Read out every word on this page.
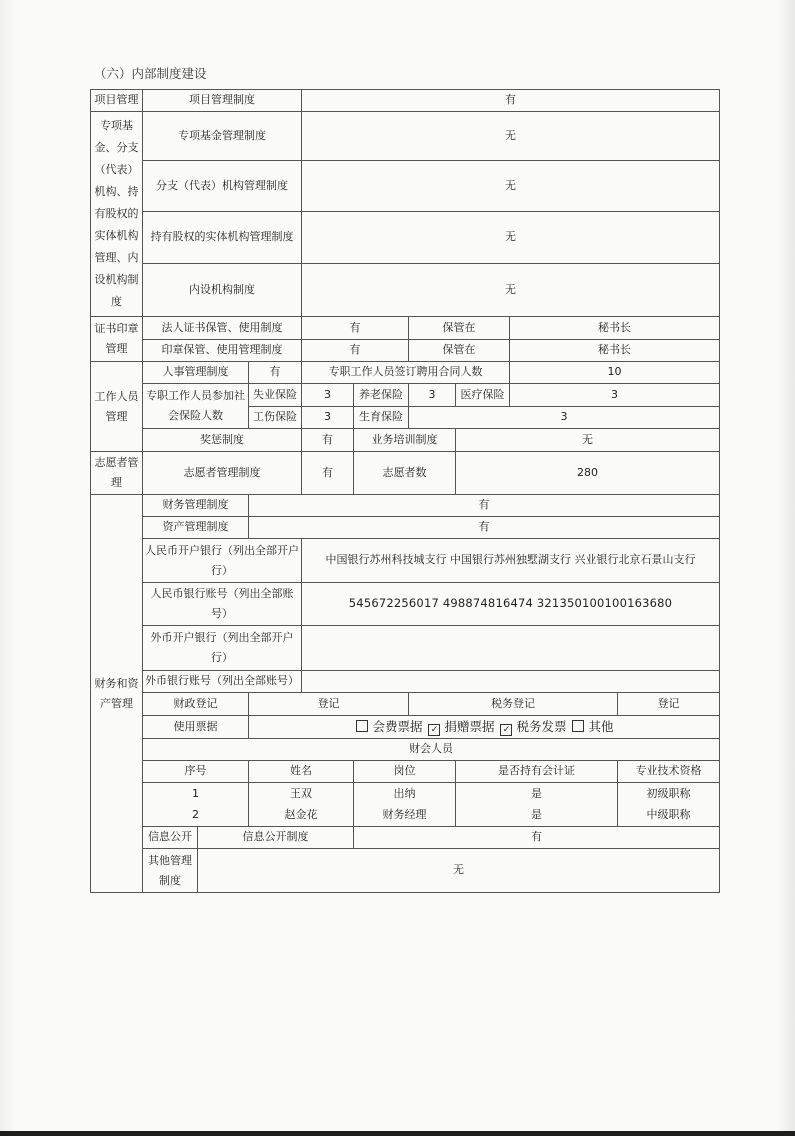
（六）内部制度建设
项目管理	项目管理制度			有					
专项基金、分支（代表）机构、持有股权的实体机构管理、内设机构制度	专项基金管理制度			无					
	分支（代表）机构管理制度			无					
	持有股权的实体机构管理制度			无					
	内设机构制度			无					
证书印章管理	法人证书保管、使用制度			有		保管在		秘书长	
	印章保管、使用管理制度			有		保管在		秘书长	
工作人员管理	人事管理制度		有	专职工作人员签订聘用合同人数				10	
	专职工作人员参加社会保险人数		失业保险	3	养老保险	3	医疗保险	3	
			工伤保险	3	生育保险	3			
	奖惩制度			有	业务培训制度		无		
志愿者管理	志愿者管理制度			有	志愿者数		280		
财务和资产管理	财务管理制度		有						
	资产管理制度		有						
	人民币开户银行（列出全部开户行）			中国银行苏州科技城支行 中国银行苏州独墅湖支行 兴业银行北京石景山支行					
	人民币银行账号（列出全部账号）			545672256017 498874816474 321350100100163680					
	外币开户银行（列出全部开户行）								
	外币银行账号（列出全部账号）								
	财政登记		登记			税务登记			登记
	使用票据		会费票据 ✓ 捐赠票据 ✓ 税务发票 其他						
	财会人员								
	序号		姓名		岗位		是否持有会计证		专业技术资格
	1		王双		出纳		是		初级职称
	2		赵金花		财务经理		是		中级职称
	信息公开	信息公开制度			有				
	其他管理制度	无							
